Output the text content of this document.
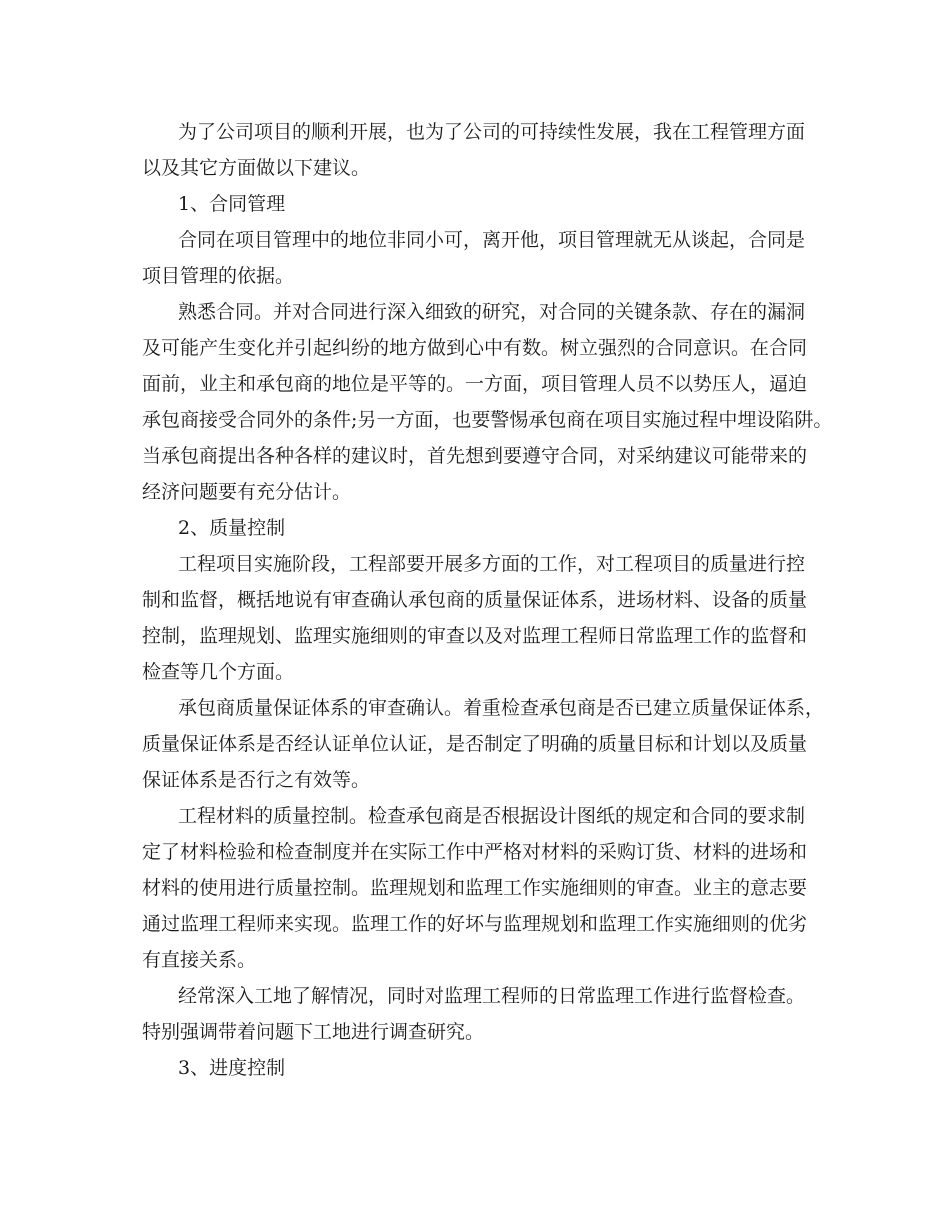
为了公司项目的顺利开展，也为了公司的可持续性发展，我在工程管理方面
以及其它方面做以下建议。
1、合同管理
合同在项目管理中的地位非同小可，离开他，项目管理就无从谈起，合同是
项目管理的依据。
熟悉合同。并对合同进行深入细致的研究，对合同的关键条款、存在的漏洞
及可能产生变化并引起纠纷的地方做到心中有数。树立强烈的合同意识。在合同
面前，业主和承包商的地位是平等的。一方面，项目管理人员不以势压人，逼迫
承包商接受合同外的条件;另一方面，也要警惕承包商在项目实施过程中埋设陷阱。
当承包商提出各种各样的建议时，首先想到要遵守合同，对采纳建议可能带来的
经济问题要有充分估计。
2、质量控制
工程项目实施阶段，工程部要开展多方面的工作，对工程项目的质量进行控
制和监督，概括地说有审查确认承包商的质量保证体系，进场材料、设备的质量
控制，监理规划、监理实施细则的审查以及对监理工程师日常监理工作的监督和
检查等几个方面。
承包商质量保证体系的审查确认。着重检查承包商是否已建立质量保证体系，
质量保证体系是否经认证单位认证，是否制定了明确的质量目标和计划以及质量
保证体系是否行之有效等。
工程材料的质量控制。检查承包商是否根据设计图纸的规定和合同的要求制
定了材料检验和检查制度并在实际工作中严格对材料的采购订货、材料的进场和
材料的使用进行质量控制。监理规划和监理工作实施细则的审查。业主的意志要
通过监理工程师来实现。监理工作的好坏与监理规划和监理工作实施细则的优劣
有直接关系。
经常深入工地了解情况，同时对监理工程师的日常监理工作进行监督检查。
特别强调带着问题下工地进行调查研究。
3、进度控制
